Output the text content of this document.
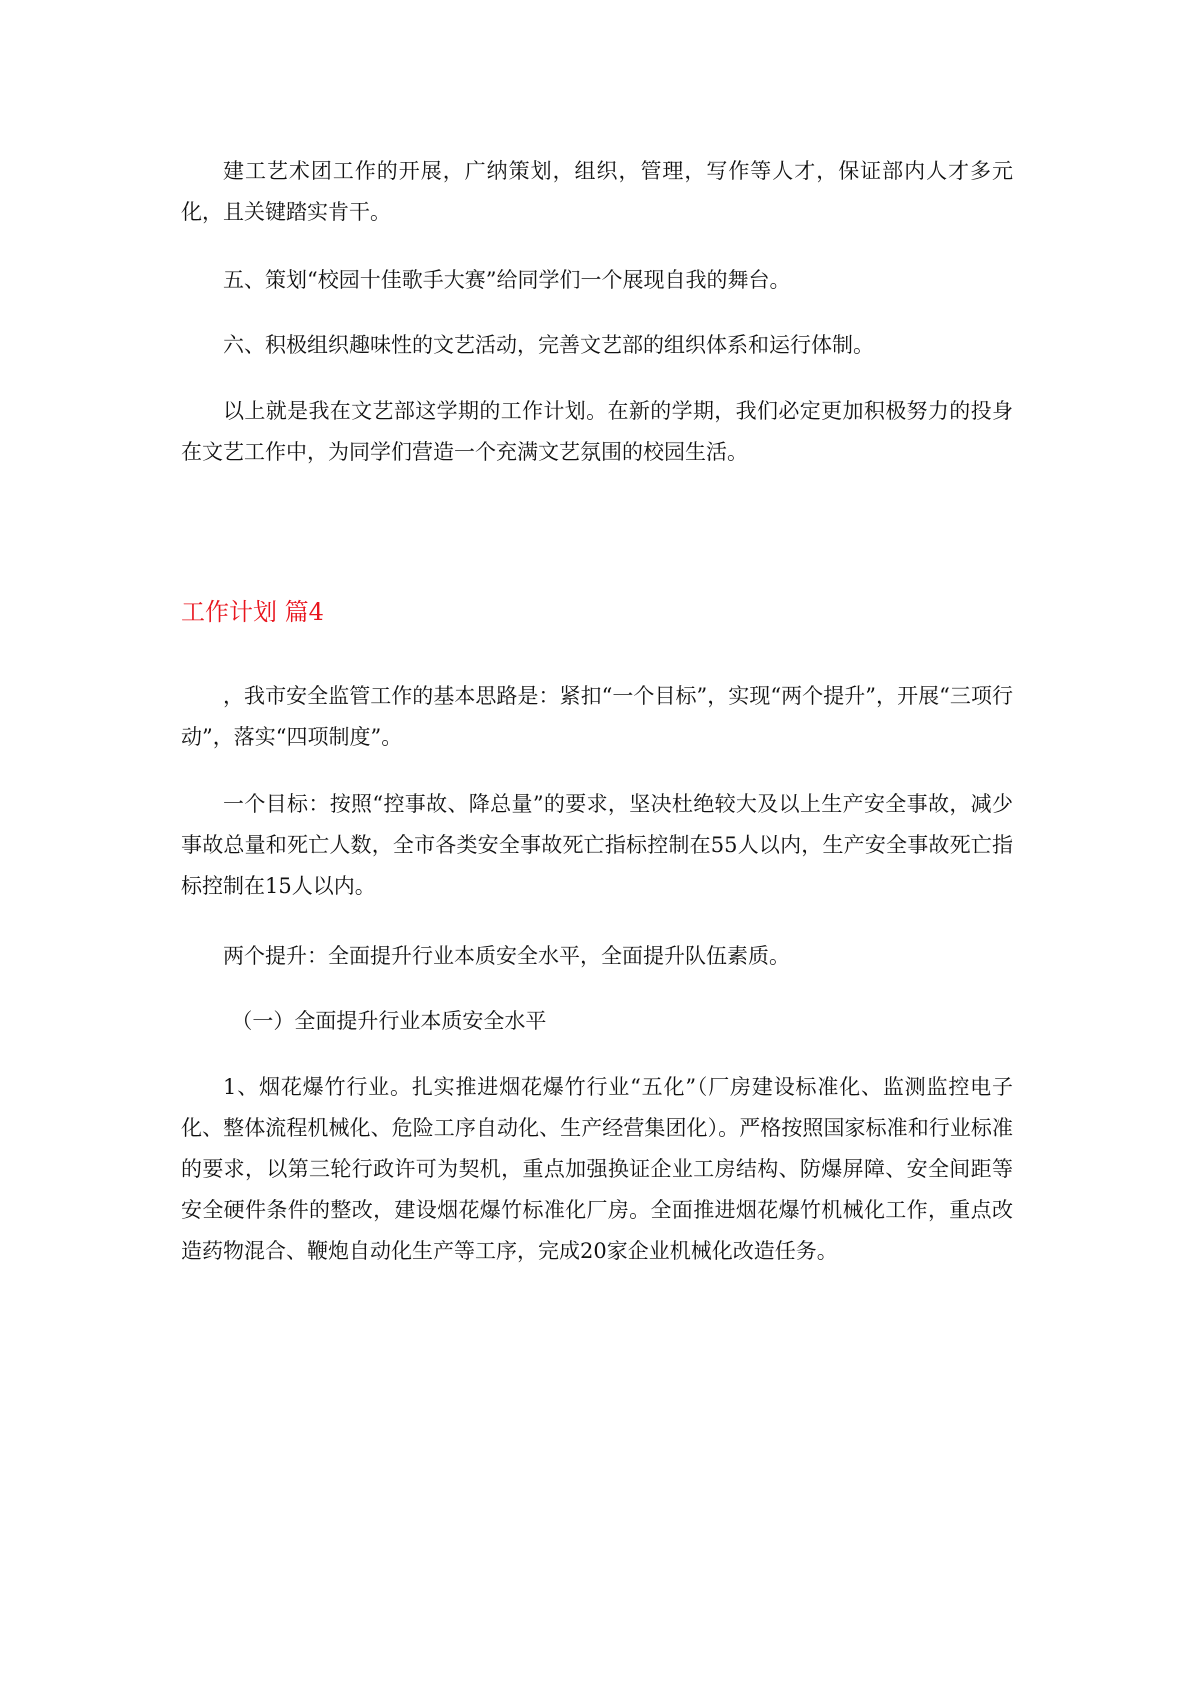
建工艺术团工作的开展，广纳策划，组织，管理，写作等人才，保证部内人才多元化，且关键踏实肯干。

五、策划“校园十佳歌手大赛”给同学们一个展现自我的舞台。

六、积极组织趣味性的文艺活动，完善文艺部的组织体系和运行体制。

以上就是我在文艺部这学期的工作计划。在新的学期，我们必定更加积极努力的投身在文艺工作中，为同学们营造一个充满文艺氛围的校园生活。

工作计划 篇4

，我市安全监管工作的基本思路是：紧扣“一个目标”，实现“两个提升”，开展“三项行动”，落实“四项制度”。

一个目标：按照“控事故、降总量”的要求，坚决杜绝较大及以上生产安全事故，减少事故总量和死亡人数，全市各类安全事故死亡指标控制在55人以内，生产安全事故死亡指标控制在15人以内。

两个提升：全面提升行业本质安全水平，全面提升队伍素质。

（一）全面提升行业本质安全水平

1、烟花爆竹行业。扎实推进烟花爆竹行业“五化”（厂房建设标准化、监测监控电子化、整体流程机械化、危险工序自动化、生产经营集团化）。严格按照国家标准和行业标准的要求，以第三轮行政许可为契机，重点加强换证企业工房结构、防爆屏障、安全间距等安全硬件条件的整改，建设烟花爆竹标准化厂房。全面推进烟花爆竹机械化工作，重点改造药物混合、鞭炮自动化生产等工序，完成20家企业机械化改造任务。
